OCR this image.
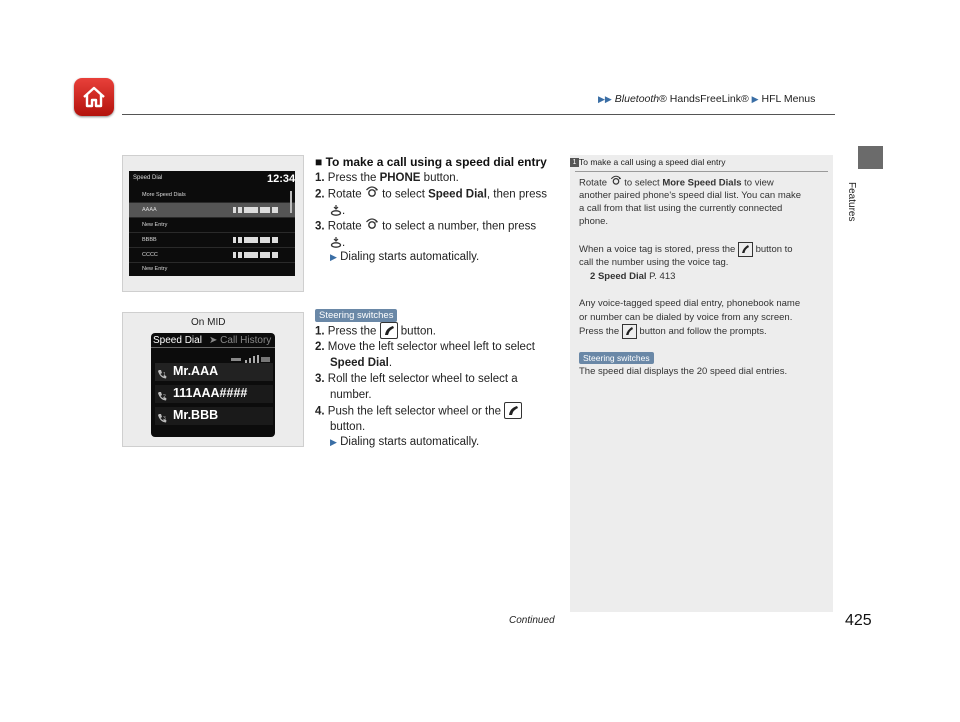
▶▶ Bluetooth® HandsFreeLink® ▶ HFL Menus
Features
Speed Dial	12:34
More Speed Dials
AAAA
New Entry
BBBB
CCCC
New Entry
On MID
Speed Dial ➤ Call History
1 Mr.AAA
2 111AAA####
3 Mr.BBB
■ To make a call using a speed dial entry
1. Press the PHONE button.
2. Rotate  to select Speed Dial, then press
.
3. Rotate  to select a number, then press
.
▶ Dialing starts automatically.
Steering switches
1. Press the
button.
2. Move the left selector wheel left to select
Speed Dial.
3. Roll the left selector wheel to select a
number.
4. Push the left selector wheel or the
button.
▶ Dialing starts automatically.
1 To make a call using a speed dial entry
Rotate  to select More Speed Dials to view
another paired phone's speed dial list. You can make
a call from that list using the currently connected
phone.
When a voice tag is stored, press the
button to
call the number using the voice tag.
2 Speed Dial P. 413
Any voice-tagged speed dial entry, phonebook name
or number can be dialed by voice from any screen.
Press the
button and follow the prompts.
Steering switches
The speed dial displays the 20 speed dial entries.
Continued	425
